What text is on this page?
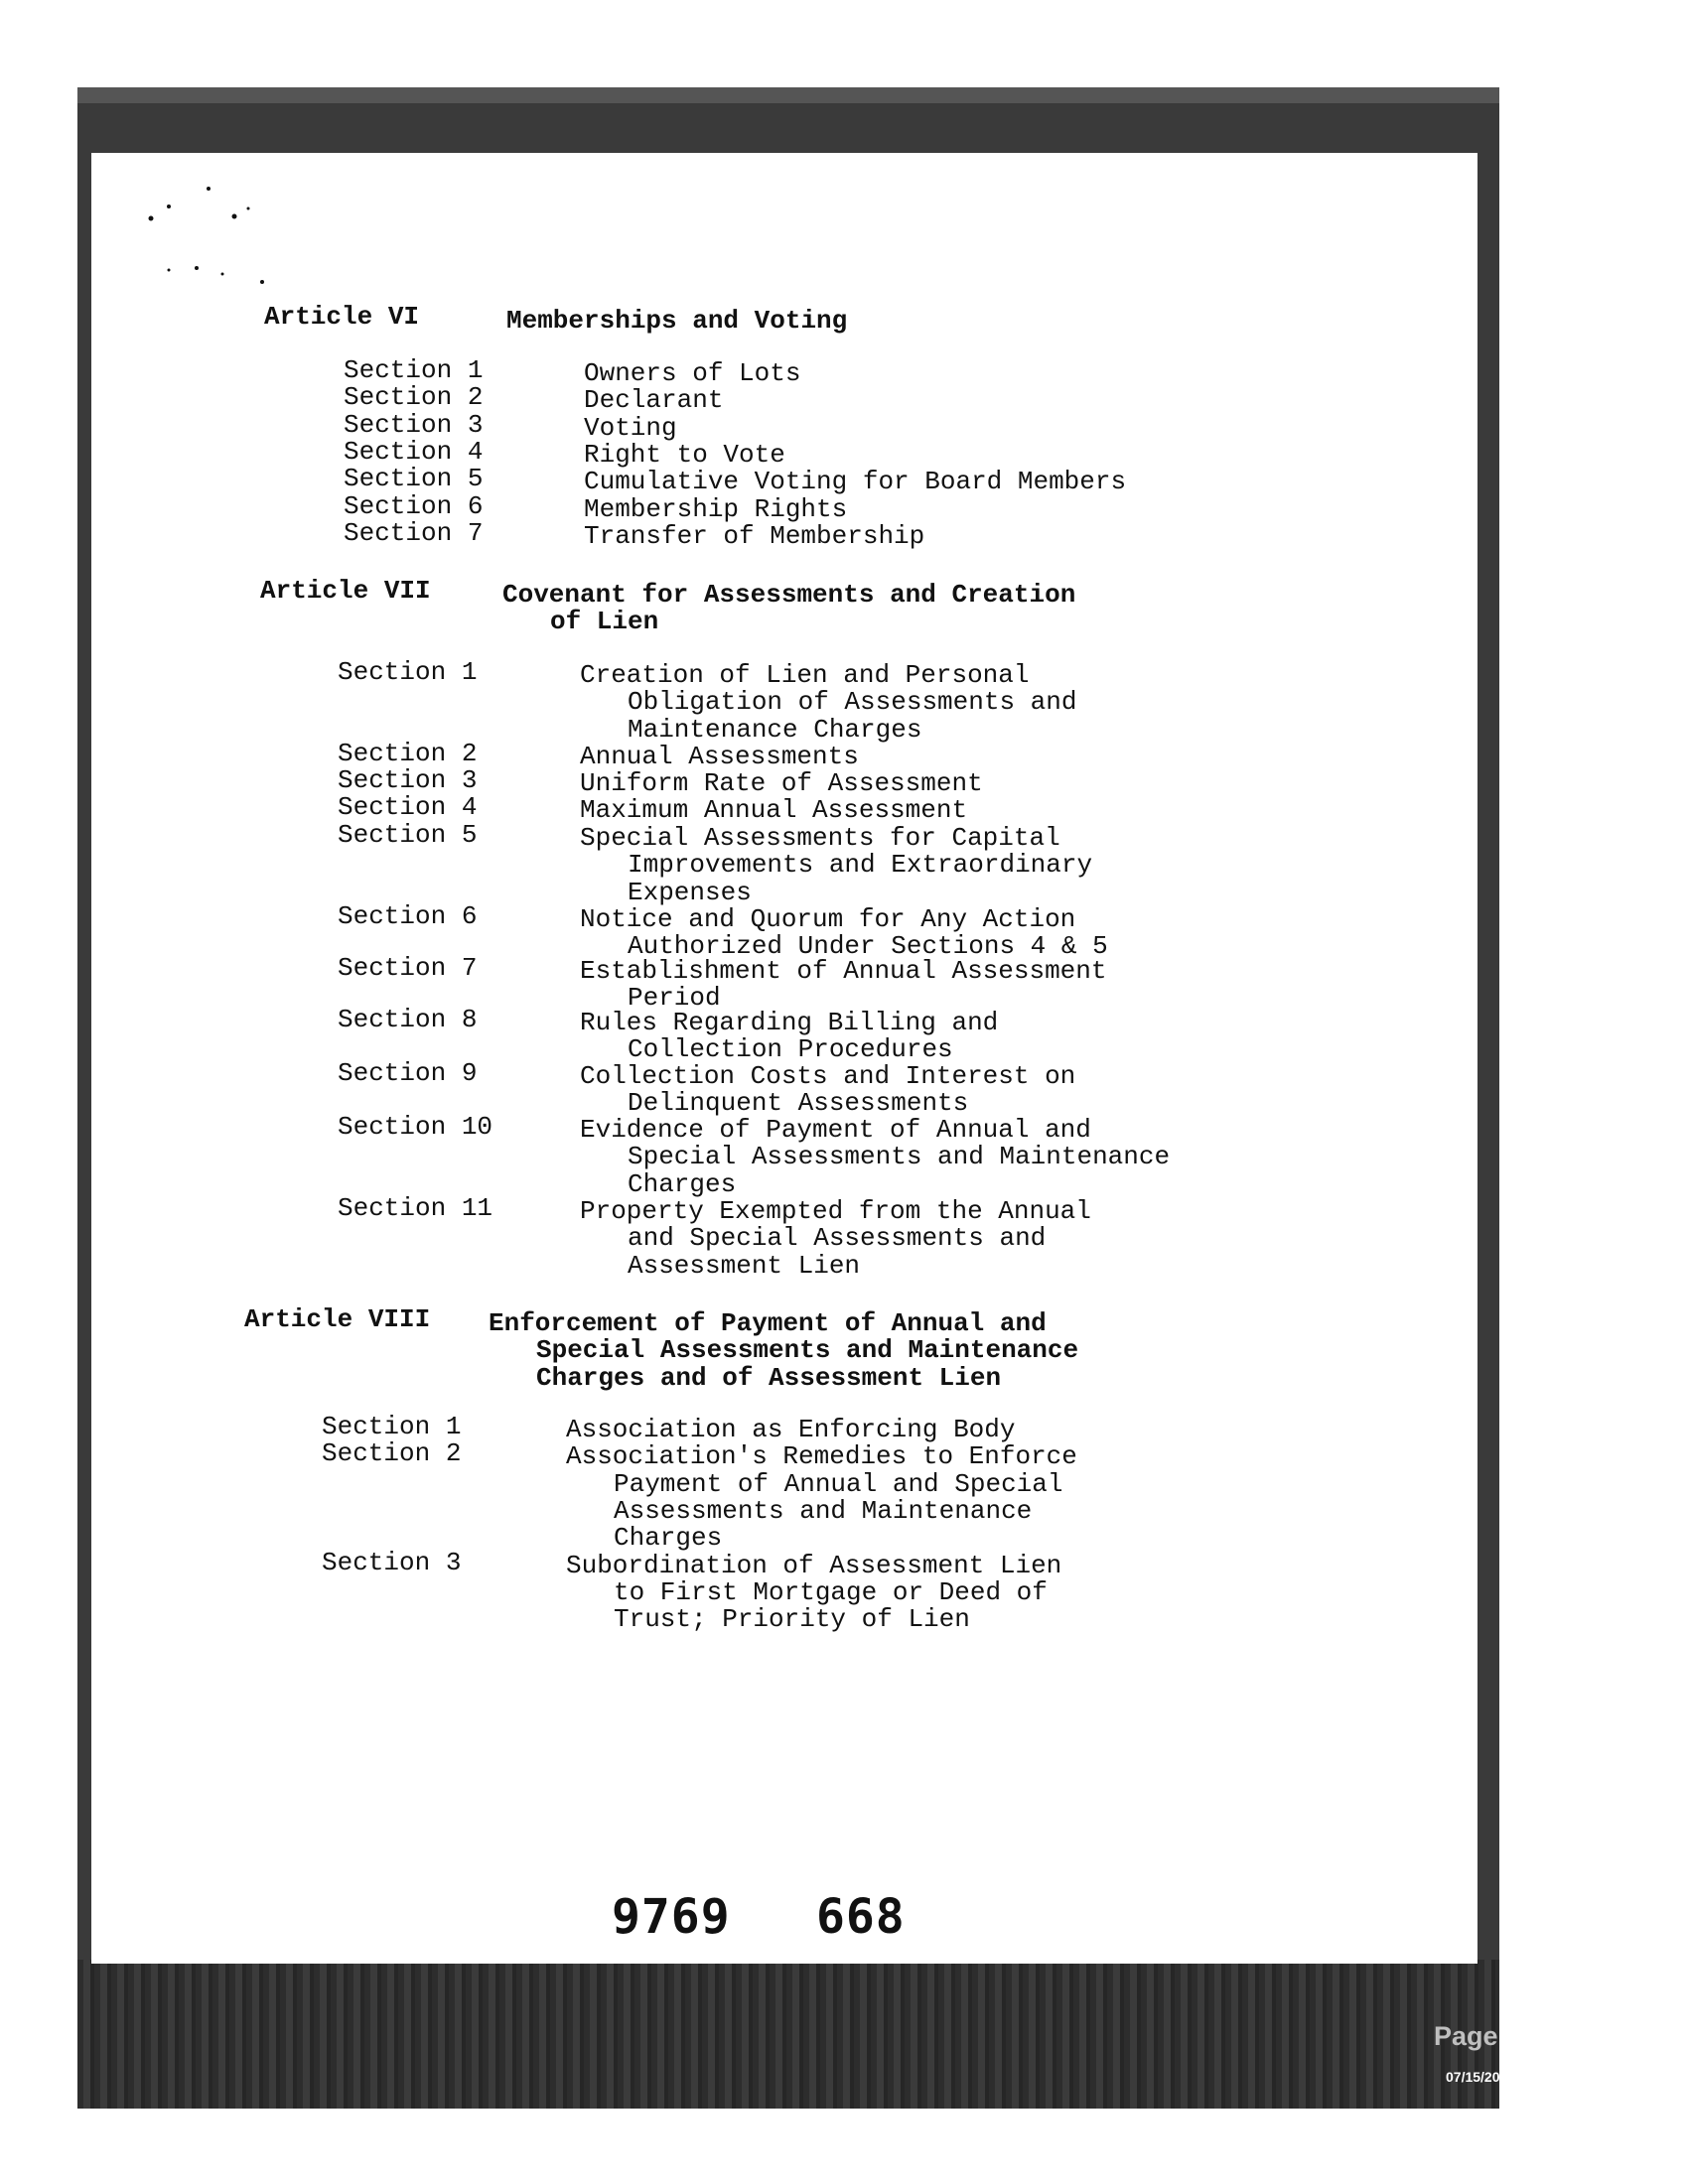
Article VI	Memberships and Voting
Section 1	Owners of Lots
Section 2	Declarant
Section 3	Voting
Section 4	Right to Vote
Section 5	Cumulative Voting for Board Members
Section 6	Membership Rights
Section 7	Transfer of Membership
Article VII	Covenant for Assessments and Creation
of Lien
Section 1	Creation of Lien and Personal
Obligation of Assessments and
Maintenance Charges
Section 2	Annual Assessments
Section 3	Uniform Rate of Assessment
Section 4	Maximum Annual Assessment
Section 5	Special Assessments for Capital
Improvements and Extraordinary
Expenses
Section 6	Notice and Quorum for Any Action
Authorized Under Sections 4 & 5
Section 7	Establishment of Annual Assessment
Period
Section 8	Rules Regarding Billing and
Collection Procedures
Section 9	Collection Costs and Interest on
Delinquent Assessments
Section 10	Evidence of Payment of Annual and
Special Assessments and Maintenance
Charges
Section 11	Property Exempted from the Annual
and Special Assessments and
Assessment Lien
Article VIII Enforcement of Payment of Annual and
Special Assessments and Maintenance
Charges and of Assessment Lien
Section 1	Association as Enforcing Body
Section 2	Association's Remedies to Enforce
Payment of Annual and Special
Assessments and Maintenance
Charges
Section 3	Subordination of Assessment Lien
to First Mortgage or Deed of
Trust; Priority of Lien
9769 668
Page 2 of 37
07/15/2011 10:51 AM
